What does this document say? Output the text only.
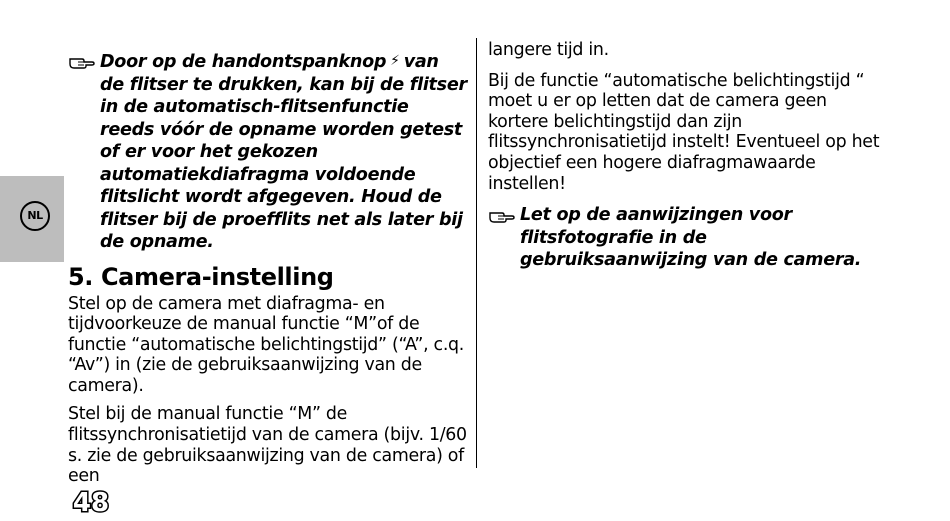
NL
Door op de handontspanknop ⚡ van de flitser te drukken, kan bij de flitser in de automatisch-flitsenfunctie reeds vóór de opname worden getest of er voor het gekozen automatiekdiafragma voldoende flitslicht wordt afgegeven. Houd de flitser bij de proefflits net als later bij de opname.
5. Camera-instelling

Stel op de camera met diafragma- en tijdvoorkeuze de manual functie “M”of de functie “automatische belichtingstijd” (“A”, c.q. “Av”) in (zie de gebruiksaanwijzing van de camera).

Stel bij de manual functie “M” de flitssynchronisatietijd van de camera (bijv. 1/60 s. zie de gebruiksaanwijzing van de camera) of een

langere tijd in.

Bij de functie “automatische belichtingstijd “ moet u er op letten dat de camera geen kortere belichtingstijd dan zijn flitssynchronisatietijd instelt! Eventueel op het objectief een hogere diafragmawaarde instellen!

Let op de aanwijzingen voor flitsfotografie in de gebruiksaanwijzing van de camera.
48
